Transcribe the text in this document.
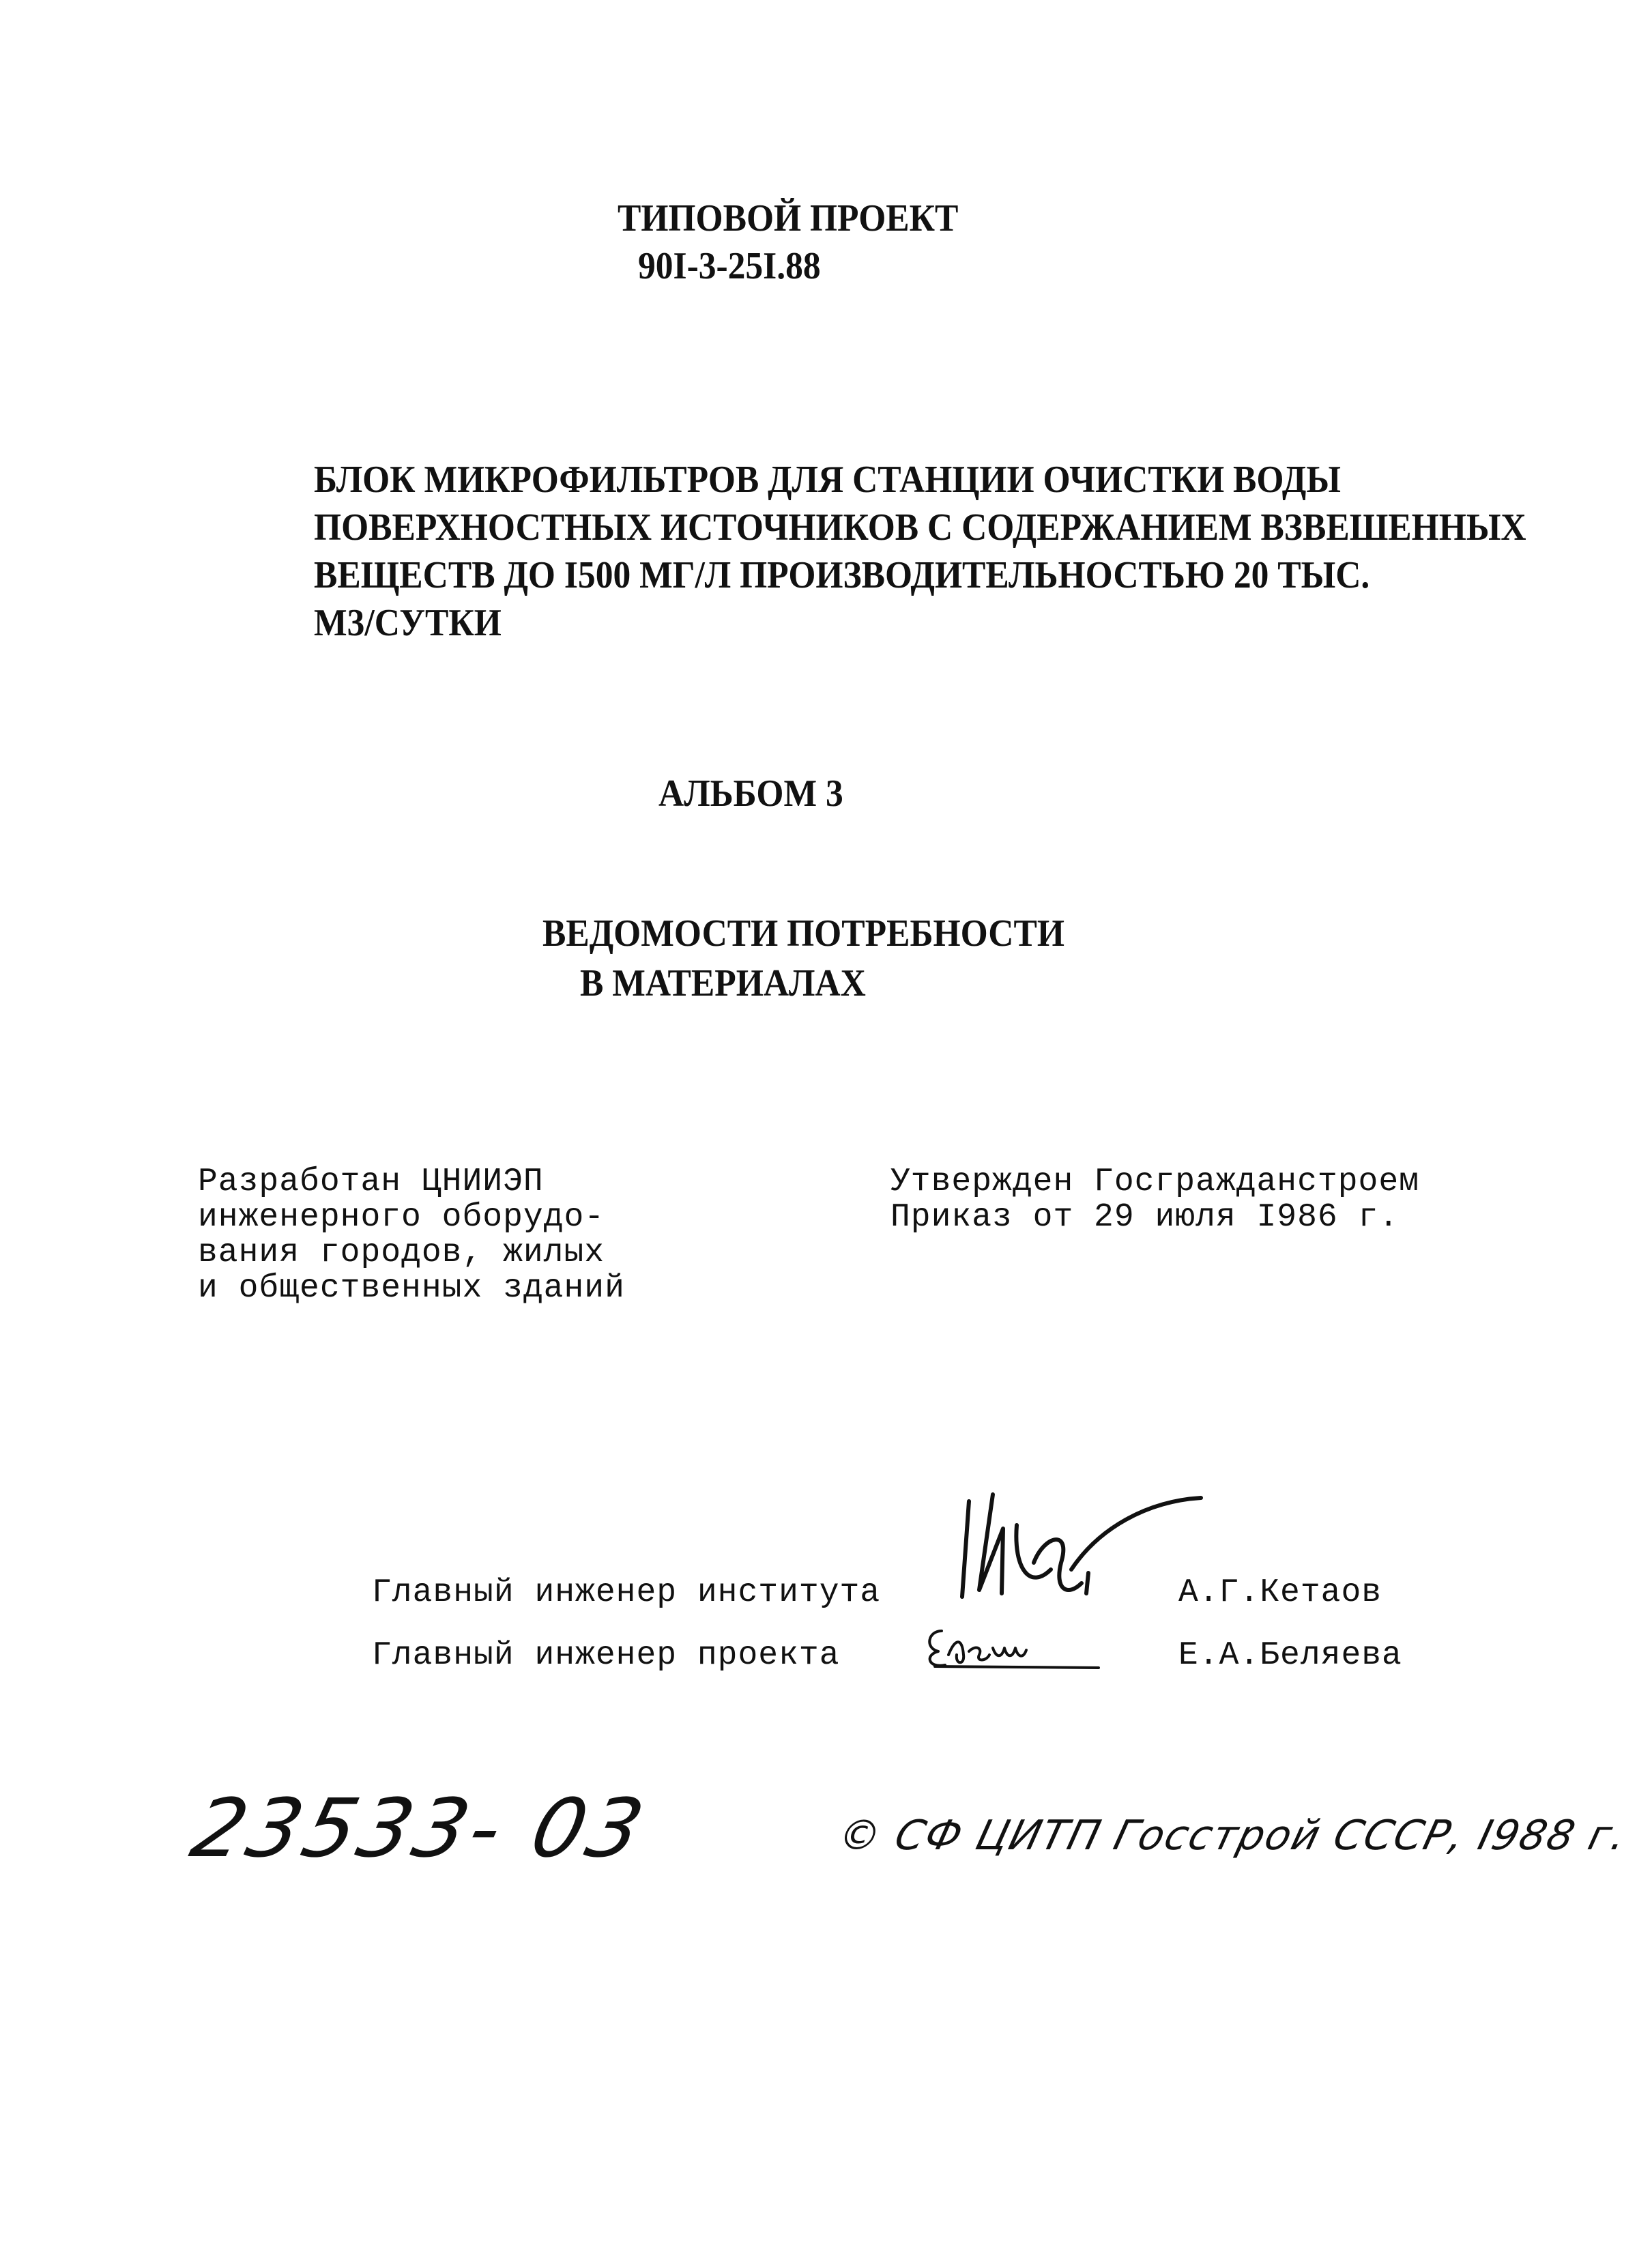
ТИПОВОЙ ПРОЕКТ
90I-3-25I.88
БЛОК МИКРОФИЛЬТРОВ ДЛЯ СТАНЦИИ ОЧИСТКИ ВОДЫ
ПОВЕРХНОСТНЫХ ИСТОЧНИКОВ С СОДЕРЖАНИЕМ ВЗВЕШЕННЫХ
ВЕЩЕСТВ ДО I500 МГ/Л ПРОИЗВОДИТЕЛЬНОСТЬЮ 20 ТЫС.
М3/СУТКИ
АЛЬБОМ 3
ВЕДОМОСТИ ПОТРЕБНОСТИ
В МАТЕРИАЛАХ
Разработан ЦНИИЭП
инженерного оборудо-
вания городов, жилых
и общественных зданий
Утвержден Госгражданстроем
Приказ от 29 июля I986 г.
Главный инженер института	А.Г.Кетаов
Главный инженер проекта	Е.А.Беляева
23533- 03	© СФ ЦИТП Госстрой СССР, I988 г.
